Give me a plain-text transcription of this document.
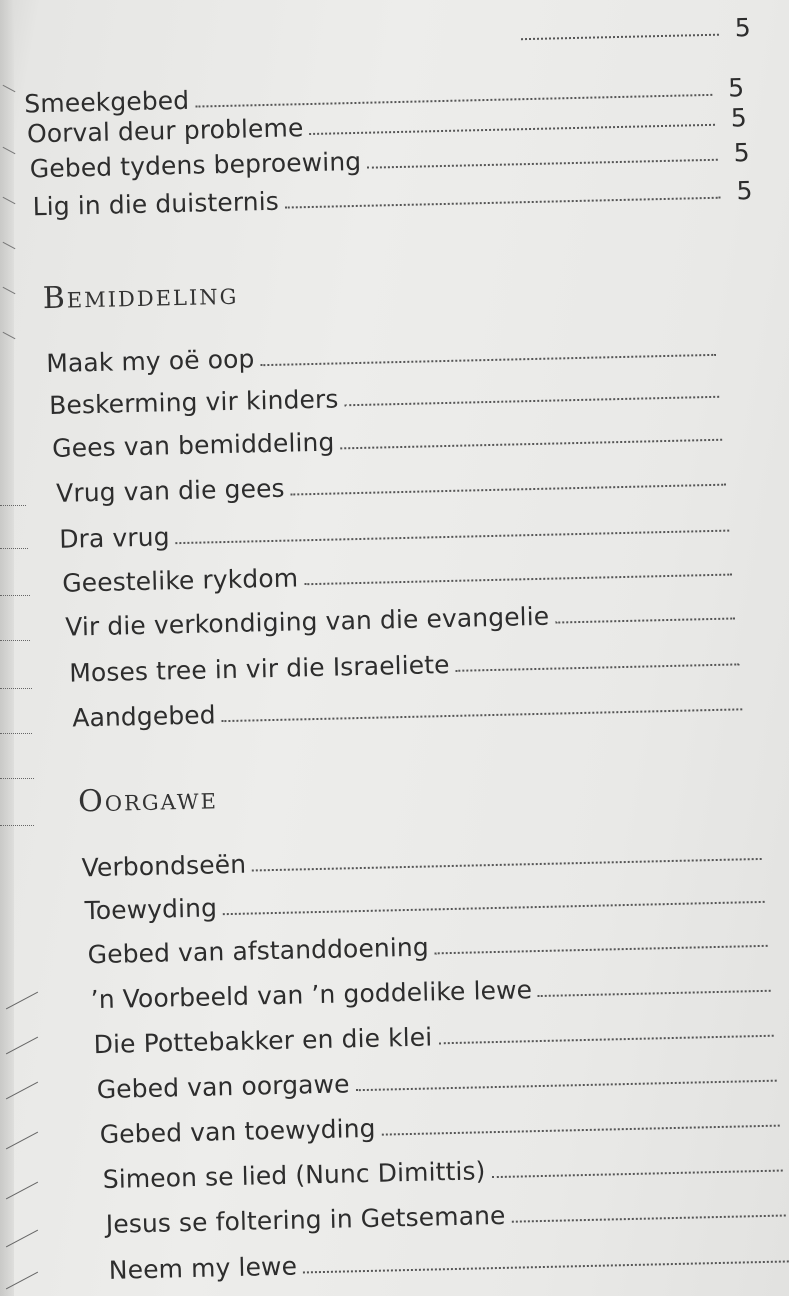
5
Smeekgebed	5
Oorval deur probleme	5
Gebed tydens beproewing	5
Lig in die duisternis	5
Bemiddeling
Maak my oë oop
Beskerming vir kinders
Gees van bemiddeling
Vrug van die gees
Dra vrug
Geestelike rykdom
Vir die verkondiging van die evangelie
Moses tree in vir die Israeliete
Aandgebed
Oorgawe
Verbondseën
Toewyding
Gebed van afstanddoening
’n Voorbeeld van ’n goddelike lewe
Die Pottebakker en die klei
Gebed van oorgawe
Gebed van toewyding
Simeon se lied (Nunc Dimittis)
Jesus se foltering in Getsemane
Neem my lewe
